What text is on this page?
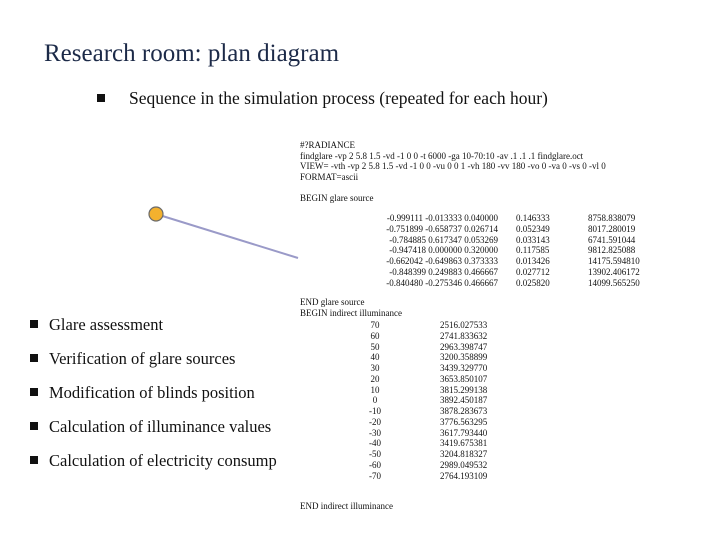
Research room: plan diagram
Sequence in the simulation process (repeated for each hour)
Glare assessment
Verification of glare sources
Modification of blinds position
Calculation of illuminance values
Calculation of electricity consump
#?RADIANCE
findglare -vp 2 5.8 1.5 -vd -1 0 0 -t 6000 -ga 10-70:10 -av .1 .1 .1 findglare.oct
VIEW= -vth -vp 2 5.8 1.5 -vd -1 0 0 -vu 0 0 1 -vh 180 -vv 180 -vo 0 -va 0 -vs 0 -vl 0
FORMAT=ascii
BEGIN glare source
-0.999111 -0.013333 0.040000
-0.751899 -0.658737 0.026714
-0.784885 0.617347 0.053269
-0.947418 0.000000 0.320000
-0.662042 -0.649863 0.373333
-0.848399 0.249883 0.466667
-0.840480 -0.275346 0.466667
0.146333
0.052349
0.033143
0.117585
0.013426
0.027712
0.025820
8758.838079
8017.280019
6741.591044
9812.825088
14175.594810
13902.406172
14099.565250
END glare source
BEGIN indirect illuminance
70
60
50
40
30
20
10
0
-10
-20
-30
-40
-50
-60
-70
2516.027533
2741.833632
2963.398747
3200.358899
3439.329770
3653.850107
3815.299138
3892.450187
3878.283673
3776.563295
3617.793440
3419.675381
3204.818327
2989.049532
2764.193109
END indirect illuminance
